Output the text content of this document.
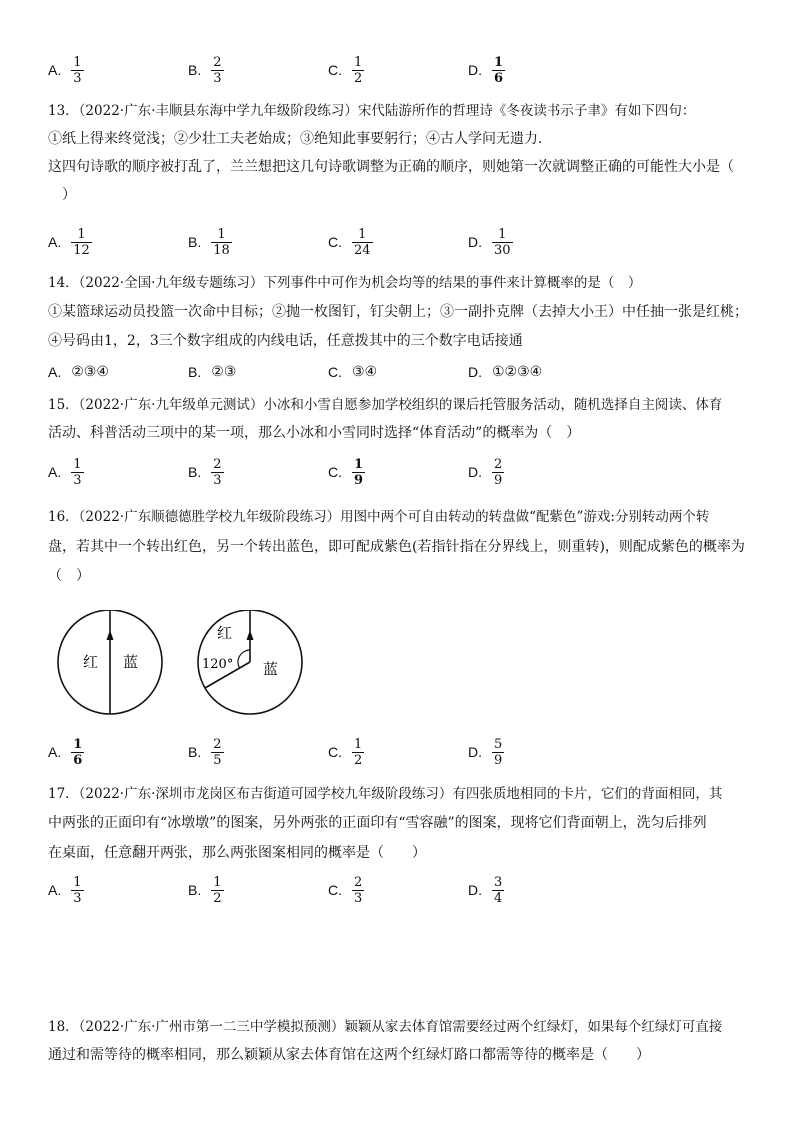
A. $\frac{1}{3}$	B. $\frac{2}{3}$	C. $\frac{1}{2}$	D. $\frac{1}{6}$
13．（2022·广东·丰顺县东海中学九年级阶段练习）宋代陆游所作的哲理诗《冬夜读书示子聿》有如下四句：
①纸上得来终觉浅；②少壮工夫老始成；③绝知此事要躬行；④古人学问无遗力．
这四句诗歌的顺序被打乱了，兰兰想把这几句诗歌调整为正确的顺序，则她第一次就调整正确的可能性大小是（
）
A. $\frac{1}{12}$	B. $\frac{1}{18}$	C. $\frac{1}{24}$	D. $\frac{1}{30}$
14．（2022·全国·九年级专题练习）下列事件中可作为机会均等的结果的事件来计算概率的是（　）
①某篮球运动员投篮一次命中目标；②抛一枚图钉，钉尖朝上；③一副扑克牌（去掉大小王）中任抽一张是红桃；
④号码由1，2，3三个数字组成的内线电话，任意拨其中的三个数字电话接通
A. ②③④	B. ②③	C. ③④	D. ①②③④
15．（2022·广东·九年级单元测试）小冰和小雪自愿参加学校组织的课后托管服务活动，随机选择自主阅读、体育
活动、科普活动三项中的某一项，那么小冰和小雪同时选择“体育活动”的概率为（　）
A. $\frac{1}{3}$	B. $\frac{2}{3}$	C. $\frac{1}{9}$	D. $\frac{2}{9}$
16．（2022·广东顺德德胜学校九年级阶段练习）用图中两个可自由转动的转盘做“配紫色”游戏:分别转动两个转
盘，若其中一个转出红色，另一个转出蓝色，即可配成紫色(若指针指在分界线上，则重转)，则配成紫色的概率为
（　）
红 蓝
红
120° 蓝
A. $\frac{1}{6}$	B. $\frac{2}{5}$	C. $\frac{1}{2}$	D. $\frac{5}{9}$
17．（2022·广东·深圳市龙岗区布吉街道可园学校九年级阶段练习）有四张质地相同的卡片，它们的背面相同，其
中两张的正面印有“冰墩墩”的图案，另外两张的正面印有“雪容融”的图案，现将它们背面朝上，洗匀后排列
在桌面，任意翻开两张，那么两张图案相同的概率是（　　）
A. $\frac{1}{3}$	B. $\frac{1}{2}$	C. $\frac{2}{3}$	D. $\frac{3}{4}$
18．（2022·广东·广州市第一二三中学模拟预测）颖颖从家去体育馆需要经过两个红绿灯，如果每个红绿灯可直接
通过和需等待的概率相同，那么颖颖从家去体育馆在这两个红绿灯路口都需等待的概率是（　　）
